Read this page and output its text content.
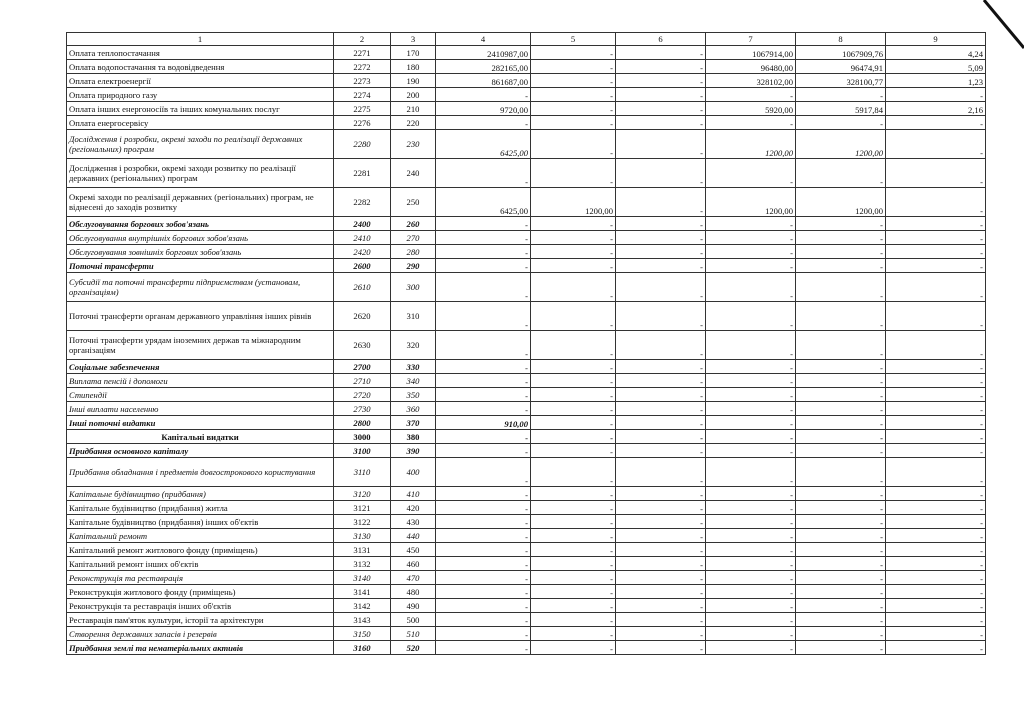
1	2	3	4	5	6	7	8	9
Оплата теплопостачання	2271	170	2410987,00	-	-	1067914,00	1067909,76	4,24
Оплата водопостачання та водовідведення	2272	180	282165,00	-	-	96480,00	96474,91	5,09
Оплата електроенергії	2273	190	861687,00	-	-	328102,00	328100,77	1,23
Оплата природного газу	2274	200	-	-	-	-	-	-
Оплата інших енергоносіїв та інших комунальних послуг	2275	210	9720,00	-	-	5920,00	5917,84	2,16
Оплата енергосервісу	2276	220	-	-	-	-	-	-
Дослідження і розробки, окремі заходи по реалізації державних (регіональних) програм	2280	230	6425,00	-	-	1200,00	1200,00	-
Дослідження і розробки, окремі заходи розвитку по реалізації державних (регіональних) програм	2281	240	-	-	-	-	-	-
Окремі заходи по реалізації державних (регіональних) програм, не віднесені до заходів розвитку	2282	250	6425,00	1200,00	-	1200,00	1200,00	-
Обслуговування боргових зобов'язань	2400	260	-	-	-	-	-	-
Обслуговування внутрішніх боргових зобов'язань	2410	270	-	-	-	-	-	-
Обслуговування зовнішніх боргових зобов'язань	2420	280	-	-	-	-	-	-
Поточні трансферти	2600	290	-	-	-	-	-	-
Субсидії та поточні трансферти підприємствам (установам, організаціям)	2610	300	-	-	-	-	-	-
Поточні трансферти органам державного управління інших рівнів	2620	310	-	-	-	-	-	-
Поточні трансферти урядам іноземних держав та міжнародним організаціям	2630	320	-	-	-	-	-	-
Соціальне забезпечення	2700	330	-	-	-	-	-	-
Виплата пенсій і допомоги	2710	340	-	-	-	-	-	-
Стипендії	2720	350	-	-	-	-	-	-
Інші виплати населенню	2730	360	-	-	-	-	-	-
Інші поточні видатки	2800	370	910,00	-	-	-	-	-
Капітальні видатки	3000	380	-	-	-	-	-	-
Придбання основного капіталу	3100	390	-	-	-	-	-	-
Придбання обладнання і предметів довгострокового користування	3110	400	-	-	-	-	-	-
Капітальне будівництво (придбання)	3120	410	-	-	-	-	-	-
Капітальне будівництво (придбання) житла	3121	420	-	-	-	-	-	-
Капітальне будівництво (придбання) інших об'єктів	3122	430	-	-	-	-	-	-
Капітальний ремонт	3130	440	-	-	-	-	-	-
Капітальний ремонт житлового фонду (приміщень)	3131	450	-	-	-	-	-	-
Капітальний ремонт інших об'єктів	3132	460	-	-	-	-	-	-
Реконструкція та реставрація	3140	470	-	-	-	-	-	-
Реконструкція житлового фонду (приміщень)	3141	480	-	-	-	-	-	-
Реконструкція та реставрація інших об'єктів	3142	490	-	-	-	-	-	-
Реставрація пам'яток культури, історії та архітектури	3143	500	-	-	-	-	-	-
Створення державних запасів і резервів	3150	510	-	-	-	-	-	-
Придбання землі та нематеріальних активів	3160	520	-	-	-	-	-	-
